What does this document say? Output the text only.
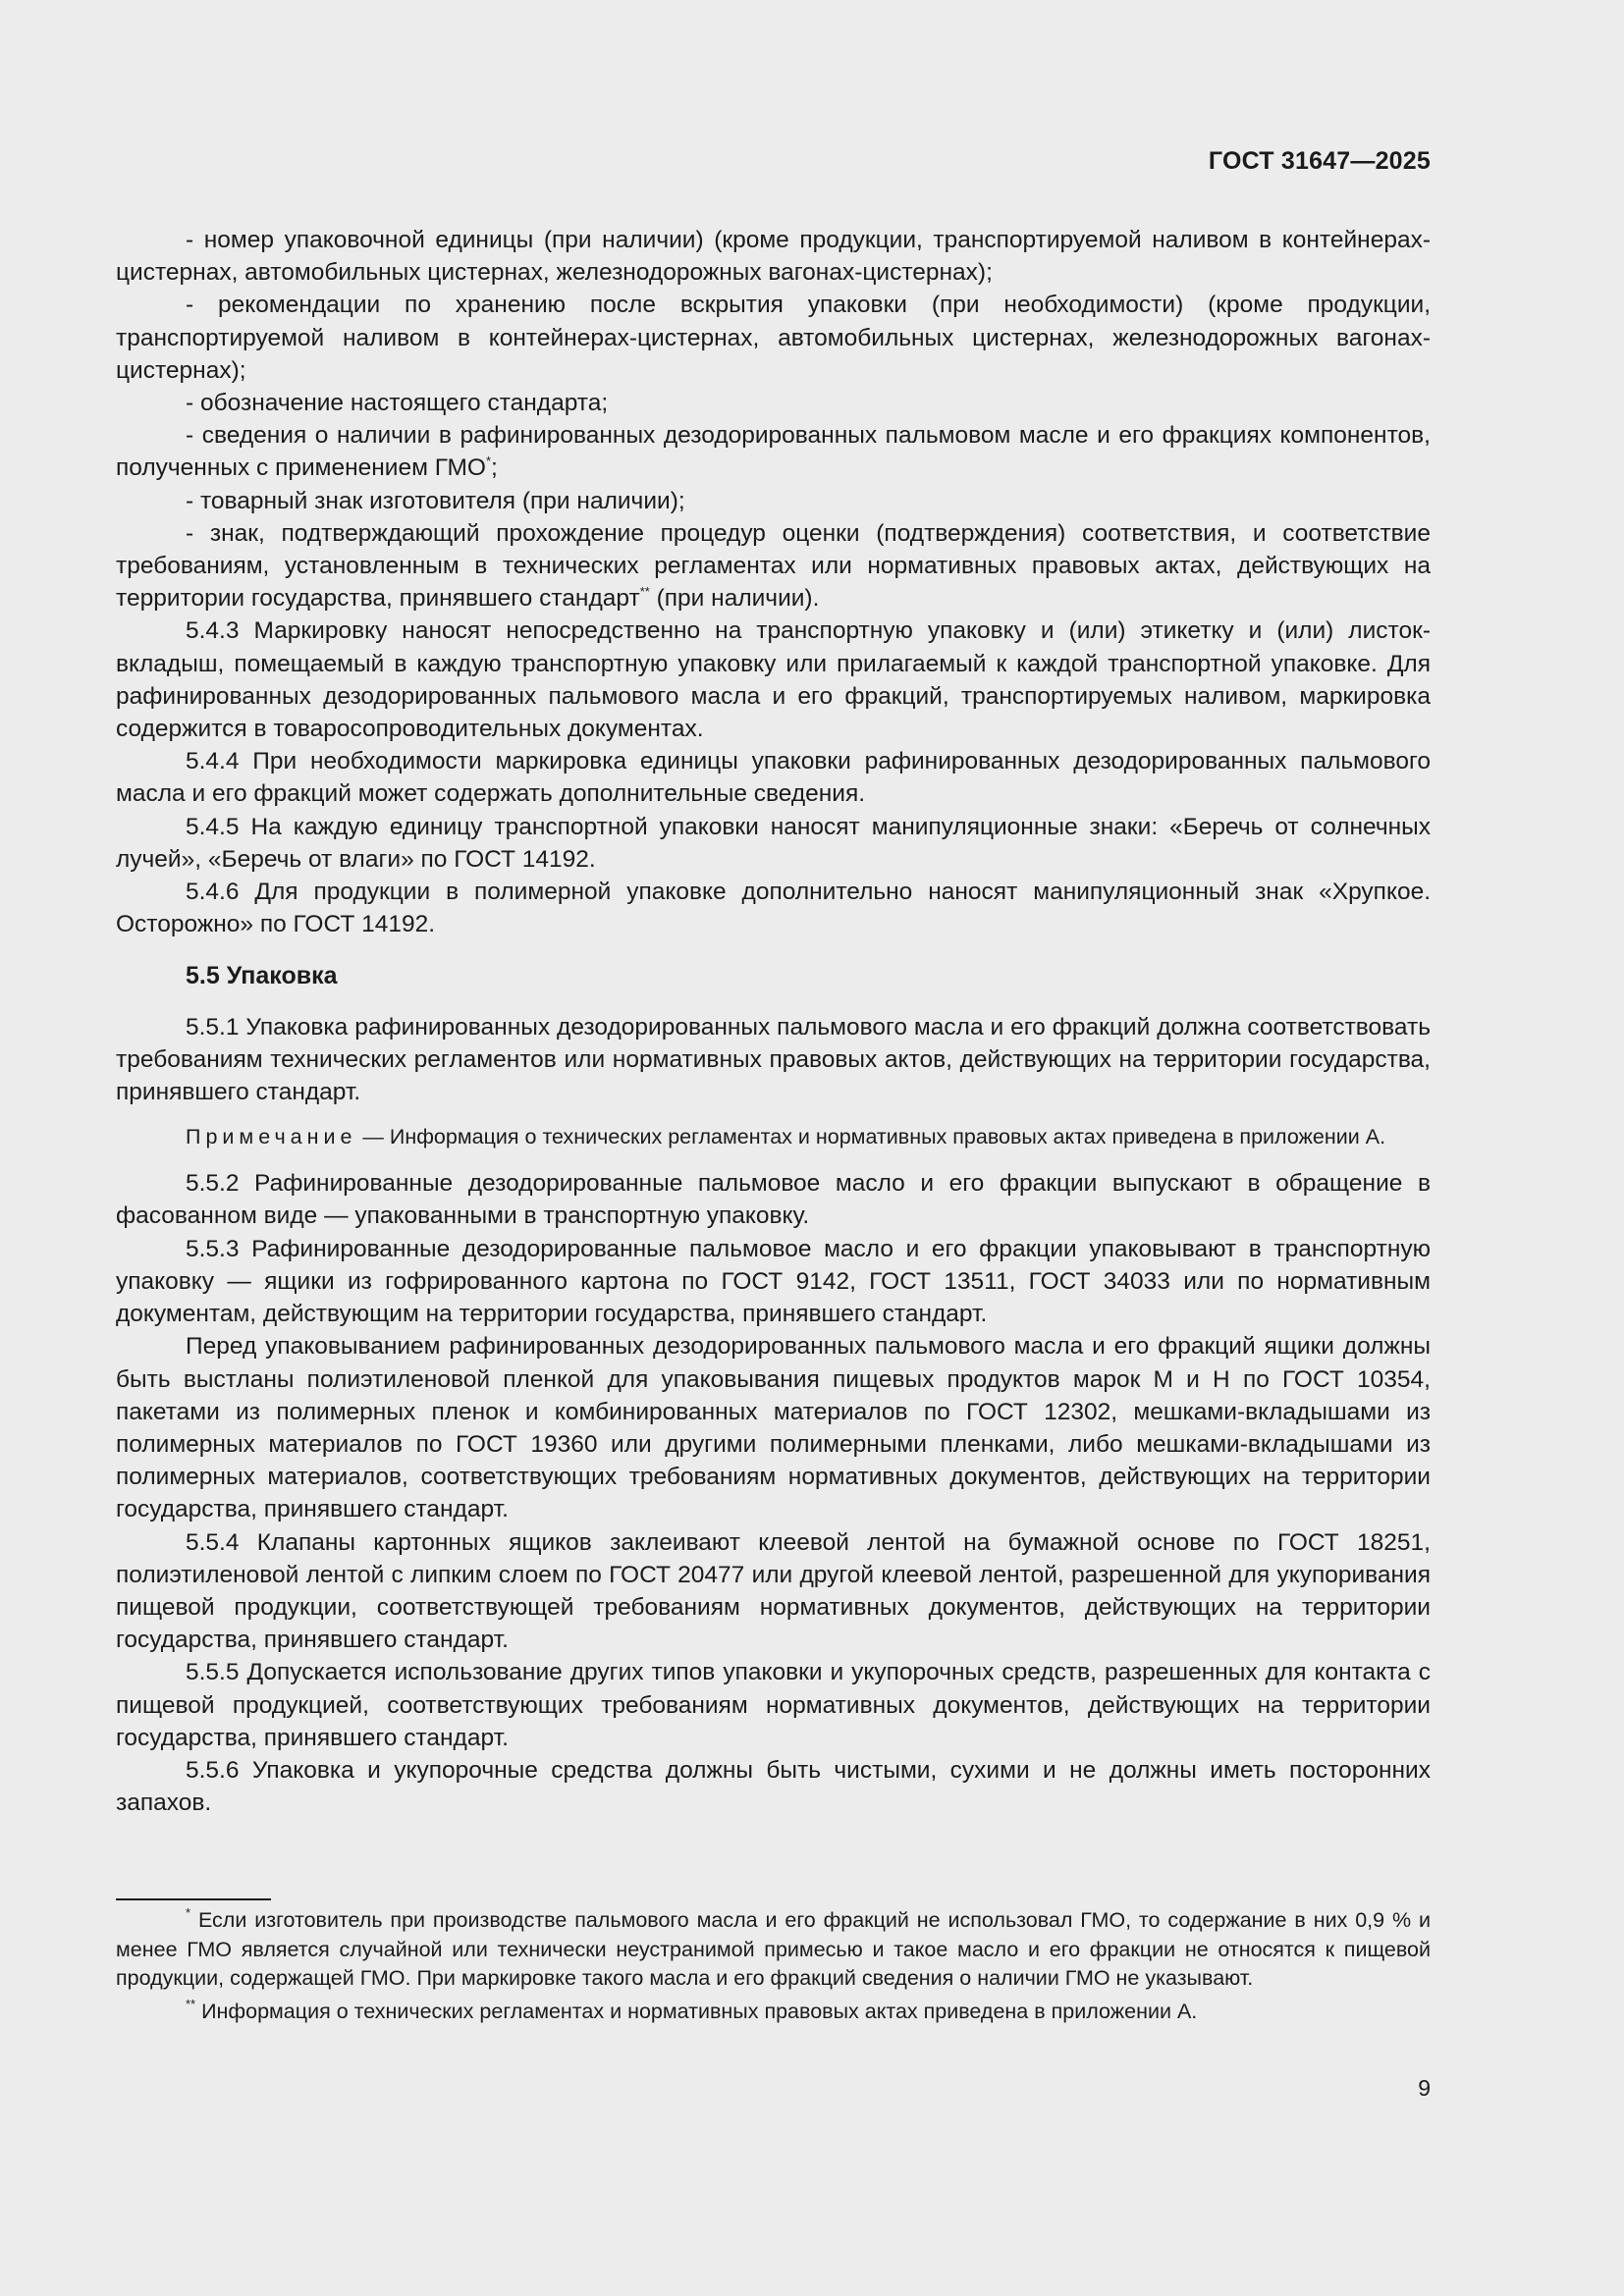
ГОСТ 31647—2025

- номер упаковочной единицы (при наличии) (кроме продукции, транспортируемой наливом в контейнерах-цистернах, автомобильных цистернах, железнодорожных вагонах-цистернах);

- рекомендации по хранению после вскрытия упаковки (при необходимости) (кроме продукции, транспортируемой наливом в контейнерах-цистернах, автомобильных цистернах, железнодорожных вагонах-цистернах);

- обозначение настоящего стандарта;

- сведения о наличии в рафинированных дезодорированных пальмовом масле и его фракциях компонентов, полученных с применением ГМО*;

- товарный знак изготовителя (при наличии);

- знак, подтверждающий прохождение процедур оценки (подтверждения) соответствия, и соответствие требованиям, установленным в технических регламентах или нормативных правовых актах, действующих на территории государства, принявшего стандарт** (при наличии).

5.4.3 Маркировку наносят непосредственно на транспортную упаковку и (или) этикетку и (или) листок-вкладыш, помещаемый в каждую транспортную упаковку или прилагаемый к каждой транспортной упаковке. Для рафинированных дезодорированных пальмового масла и его фракций, транспортируемых наливом, маркировка содержится в товаросопроводительных документах.

5.4.4 При необходимости маркировка единицы упаковки рафинированных дезодорированных пальмового масла и его фракций может содержать дополнительные сведения.

5.4.5 На каждую единицу транспортной упаковки наносят манипуляционные знаки: «Беречь от солнечных лучей», «Беречь от влаги» по ГОСТ 14192.

5.4.6 Для продукции в полимерной упаковке дополнительно наносят манипуляционный знак «Хрупкое. Осторожно» по ГОСТ 14192.

5.5 Упаковка

5.5.1 Упаковка рафинированных дезодорированных пальмового масла и его фракций должна соответствовать требованиям технических регламентов или нормативных правовых актов, действующих на территории государства, принявшего стандарт.

Примечание — Информация о технических регламентах и нормативных правовых актах приведена в приложении А.

5.5.2 Рафинированные дезодорированные пальмовое масло и его фракции выпускают в обращение в фасованном виде — упакованными в транспортную упаковку.

5.5.3 Рафинированные дезодорированные пальмовое масло и его фракции упаковывают в транспортную упаковку — ящики из гофрированного картона по ГОСТ 9142, ГОСТ 13511, ГОСТ 34033 или по нормативным документам, действующим на территории государства, принявшего стандарт.

Перед упаковыванием рафинированных дезодорированных пальмового масла и его фракций ящики должны быть выстланы полиэтиленовой пленкой для упаковывания пищевых продуктов марок М и Н по ГОСТ 10354, пакетами из полимерных пленок и комбинированных материалов по ГОСТ 12302, мешками-вкладышами из полимерных материалов по ГОСТ 19360 или другими полимерными пленками, либо мешками-вкладышами из полимерных материалов, соответствующих требованиям нормативных документов, действующих на территории государства, принявшего стандарт.

5.5.4 Клапаны картонных ящиков заклеивают клеевой лентой на бумажной основе по ГОСТ 18251, полиэтиленовой лентой с липким слоем по ГОСТ 20477 или другой клеевой лентой, разрешенной для укупоривания пищевой продукции, соответствующей требованиям нормативных документов, действующих на территории государства, принявшего стандарт.

5.5.5 Допускается использование других типов упаковки и укупорочных средств, разрешенных для контакта с пищевой продукцией, соответствующих требованиям нормативных документов, действующих на территории государства, принявшего стандарт.

5.5.6 Упаковка и укупорочные средства должны быть чистыми, сухими и не должны иметь посторонних запахов.

* Если изготовитель при производстве пальмового масла и его фракций не использовал ГМО, то содержание в них 0,9 % и менее ГМО является случайной или технически неустранимой примесью и такое масло и его фракции не относятся к пищевой продукции, содержащей ГМО. При маркировке такого масла и его фракций сведения о наличии ГМО не указывают.

** Информация о технических регламентах и нормативных правовых актах приведена в приложении А.

9
